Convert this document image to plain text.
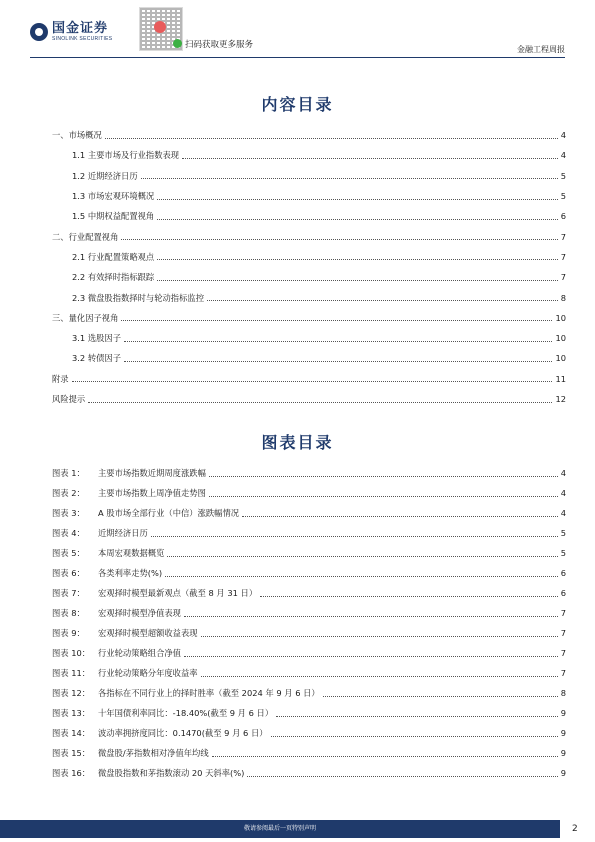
国金证券
SINOLINK SECURITIES
扫码获取更多服务	金融工程周报
内容目录
一、市场概况	4
1.1 主要市场及行业指数表现	4
1.2 近期经济日历	5
1.3 市场宏观环境概况	5
1.5 中期权益配置视角	6
二、行业配置视角	7
2.1 行业配置策略观点	7
2.2 有效择时指标跟踪	7
2.3 微盘股指数择时与轮动指标监控	8
三、量化因子视角	10
3.1 选股因子	10
3.2 转债因子	10
附录	11
风险提示	12
图表目录
图表 1：	主要市场指数近期周度涨跌幅	4
图表 2：	主要市场指数上周净值走势图	4
图表 3：	A 股市场全部行业（中信）涨跌幅情况	4
图表 4：	近期经济日历	5
图表 5：	本周宏观数据概览	5
图表 6：	各类利率走势(%)	6
图表 7：	宏观择时模型最新观点（截至 8 月 31 日）	6
图表 8：	宏观择时模型净值表现	7
图表 9：	宏观择时模型超额收益表现	7
图表 10： 行业轮动策略组合净值	7
图表 11： 行业轮动策略分年度收益率	7
图表 12： 各指标在不同行业上的择时胜率（截至 2024 年 9 月 6 日）	8
图表 13： 十年国债利率同比：-18.40%(截至 9 月 6 日）	9
图表 14： 波动率拥挤度同比：0.1470(截至 9 月 6 日）	9
图表 15： 微盘股/茅指数相对净值年均线	9
图表 16： 微盘股指数和茅指数滚动 20 天斜率(%)	9
敬请参阅最后一页特别声明	2
